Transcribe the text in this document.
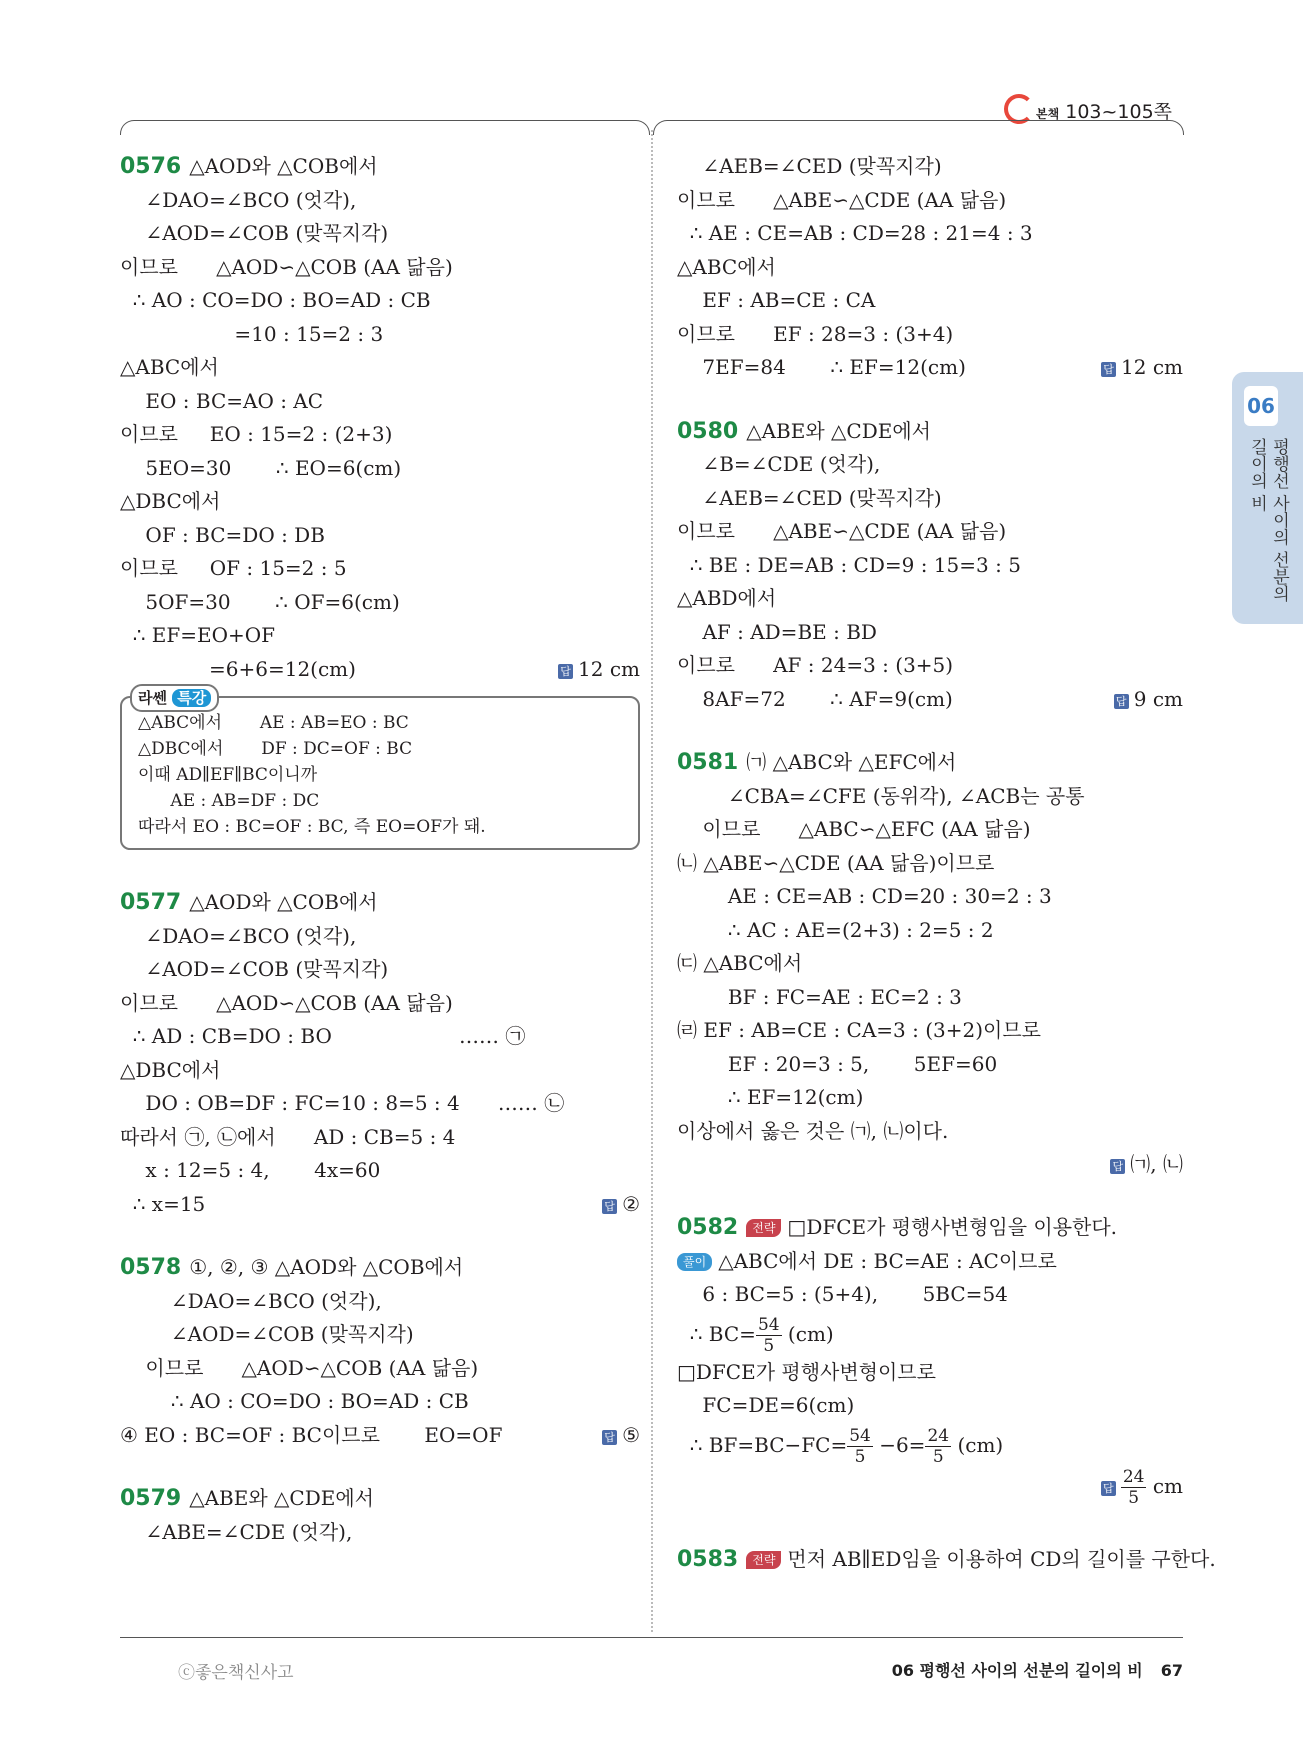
본책 103~105쪽
0576 △AOD와 △COB에서
∠DAO=∠BCO (엇각),
∠AOD=∠COB (맞꼭지각)
이므로      △AOD∽△COB (AA 닮음)
∴ AO : CO=DO : BO=AD : CB
=10 : 15=2 : 3
△ABC에서
EO : BC=AO : AC
이므로     EO : 15=2 : (2+3)
5EO=30       ∴ EO=6(cm)
△DBC에서
OF : BC=DO : DB
이므로     OF : 15=2 : 5
5OF=30       ∴ OF=6(cm)
∴ EF=EO+OF
=6+6=12(cm)	답 12 cm
라쎈 특강
△ABC에서       AE : AB=EO : BC
△DBC에서       DF : DC=OF : BC
이때 AD∥EF∥BC이니까
AE : AB=DF : DC
따라서 EO : BC=OF : BC, 즉 EO=OF가 돼.
0577 △AOD와 △COB에서
∠DAO=∠BCO (엇각),
∠AOD=∠COB (맞꼭지각)
이므로      △AOD∽△COB (AA 닮음)
∴ AD : CB=DO : BO                    …… ㉠
△DBC에서
DO : OB=DF : FC=10 : 8=5 : 4      …… ㉡
따라서 ㉠, ㉡에서      AD : CB=5 : 4
x : 12=5 : 4,       4x=60
∴ x=15	답 ②
0578 ①, ②, ③ △AOD와 △COB에서
∠DAO=∠BCO (엇각),
∠AOD=∠COB (맞꼭지각)
이므로      △AOD∽△COB (AA 닮음)
∴ AO : CO=DO : BO=AD : CB
④ EO : BC=OF : BC이므로       EO=OF	답 ⑤
0579 △ABE와 △CDE에서
∠ABE=∠CDE (엇각),
∠AEB=∠CED (맞꼭지각)
이므로      △ABE∽△CDE (AA 닮음)
∴ AE : CE=AB : CD=28 : 21=4 : 3
△ABC에서
EF : AB=CE : CA
이므로      EF : 28=3 : (3+4)
7EF=84       ∴ EF=12(cm)	답 12 cm
0580 △ABE와 △CDE에서
∠B=∠CDE (엇각),
∠AEB=∠CED (맞꼭지각)
이므로      △ABE∽△CDE (AA 닮음)
∴ BE : DE=AB : CD=9 : 15=3 : 5
△ABD에서
AF : AD=BE : BD
이므로      AF : 24=3 : (3+5)
8AF=72       ∴ AF=9(cm)	답 9 cm
0581 ㈀ △ABC와 △EFC에서
∠CBA=∠CFE (동위각), ∠ACB는 공통
이므로      △ABC∽△EFC (AA 닮음)
㈁ △ABE∽△CDE (AA 닮음)이므로
AE : CE=AB : CD=20 : 30=2 : 3
∴ AC : AE=(2+3) : 2=5 : 2
㈂ △ABC에서
BF : FC=AE : EC=2 : 3
㈃ EF : AB=CE : CA=3 : (3+2)이므로
EF : 20=3 : 5,       5EF=60
∴ EF=12(cm)
이상에서 옳은 것은 ㈀, ㈁이다.
답 ㈀, ㈁
0582 전략 □DFCE가 평행사변형임을 이용한다.
풀이 △ABC에서 DE : BC=AE : AC이므로
6 : BC=5 : (5+4),       5BC=54
∴ $BC= \frac{54}{5} (cm)$
□DFCE가 평행사변형이므로
FC=DE=6(cm)
∴ $BF=BC-FC= \frac{54}{5} -6= \frac{24}{5} (cm)$
답 $\frac{24}{5}$ cm
0583 전략 먼저 AB∥ED임을 이용하여 CD의 길이를 구한다.
06
평행선 사이의 선분의 길이의 비
ⓒ좋은책신사고	06 평행선 사이의 선분의 길이의 비 67
